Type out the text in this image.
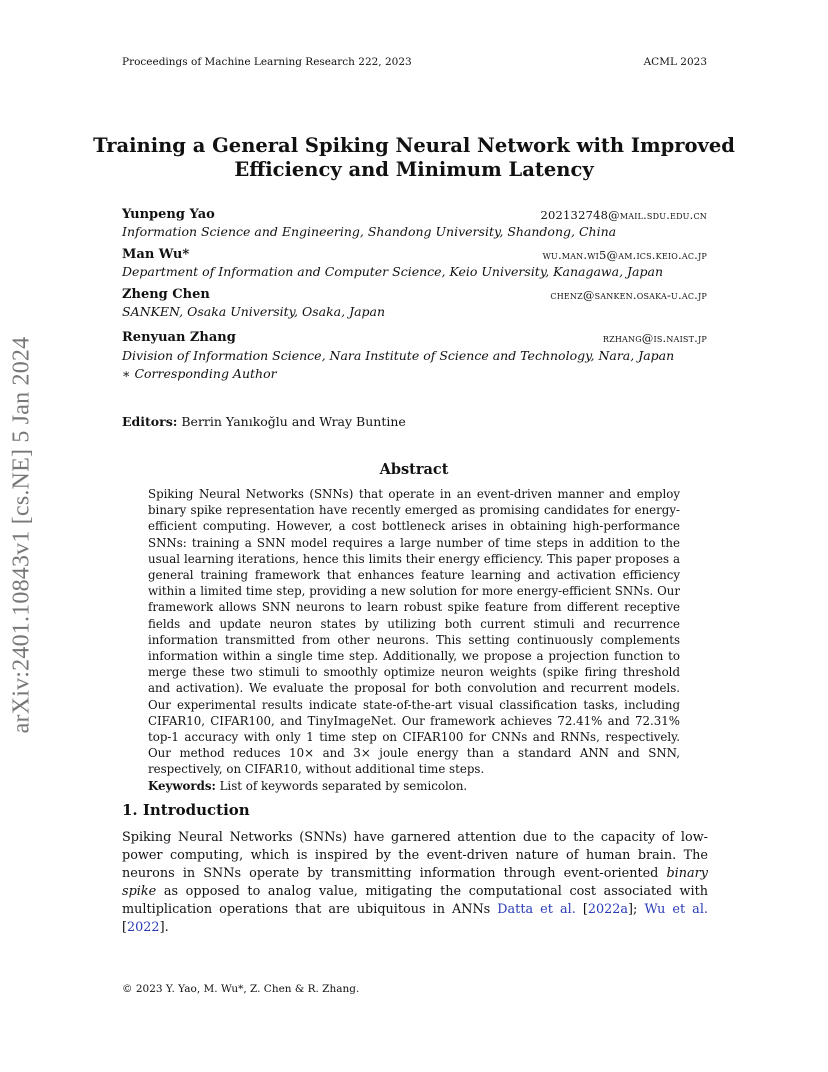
Proceedings of Machine Learning Research 222, 2023	ACML 2023
arXiv:2401.10843v1 [cs.NE] 5 Jan 2024
Training a General Spiking Neural Network with Improved
Efficiency and Minimum Latency
Yunpeng Yao	202132748@mail.sdu.edu.cn
Information Science and Engineering, Shandong University, Shandong, China
Man Wu*	wu.man.wi5@am.ics.keio.ac.jp
Department of Information and Computer Science, Keio University, Kanagawa, Japan
Zheng Chen	chenz@sanken.osaka-u.ac.jp
SANKEN, Osaka University, Osaka, Japan
Renyuan Zhang	rzhang@is.naist.jp
Division of Information Science, Nara Institute of Science and Technology, Nara, Japan
∗ Corresponding Author
Editors: Berrin Yanıkoğlu and Wray Buntine
Abstract
Spiking Neural Networks (SNNs) that operate in an event-driven manner and employ binary spike representation have recently emerged as promising candidates for energy-efficient computing. However, a cost bottleneck arises in obtaining high-performance SNNs: training a SNN model requires a large number of time steps in addition to the usual learning iterations, hence this limits their energy efficiency. This paper proposes a general training framework that enhances feature learning and activation efficiency within a limited time step, providing a new solution for more energy-efficient SNNs. Our framework allows SNN neurons to learn robust spike feature from different receptive fields and update neuron states by utilizing both current stimuli and recurrence information transmitted from other neurons. This setting continuously complements information within a single time step. Additionally, we propose a projection function to merge these two stimuli to smoothly optimize neuron weights (spike firing threshold and activation). We evaluate the proposal for both convolution and recurrent models. Our experimental results indicate state-of-the-art visual classification tasks, including CIFAR10, CIFAR100, and TinyImageNet. Our framework achieves 72.41% and 72.31% top-1 accuracy with only 1 time step on CIFAR100 for CNNs and RNNs, respectively. Our method reduces 10× and 3× joule energy than a standard ANN and SNN, respectively, on CIFAR10, without additional time steps.
Keywords: List of keywords separated by semicolon.
1. Introduction
Spiking Neural Networks (SNNs) have garnered attention due to the capacity of low-power computing, which is inspired by the event-driven nature of human brain. The neurons in SNNs operate by transmitting information through event-oriented binary spike as opposed to analog value, mitigating the computational cost associated with multiplication operations that are ubiquitous in ANNs Datta et al. [2022a]; Wu et al. [2022].
© 2023 Y. Yao, M. Wu*, Z. Chen & R. Zhang.
